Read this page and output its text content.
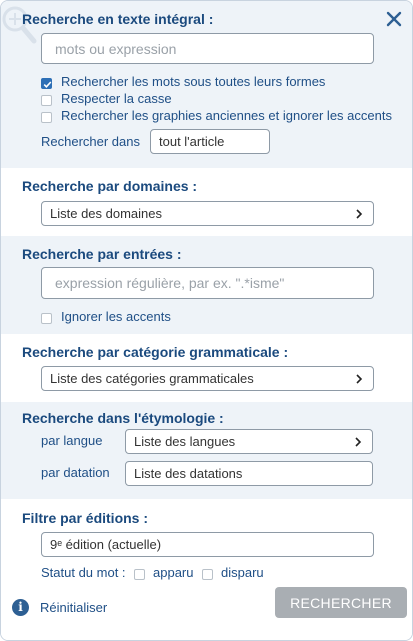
Recherche en texte intégral :
mots ou expression
Rechercher les mots sous toutes leurs formes
Respecter la casse
Rechercher les graphies anciennes et ignorer les accents
Rechercher dans tout l'article
Recherche par domaines :
Liste des domaines
Recherche par entrées :
expression régulière, par ex. ".*isme"
Ignorer les accents
Recherche par catégorie grammaticale :
Liste des catégories grammaticales
Recherche dans l'étymologie :
par langue Liste des langues
par datation Liste des datations
Filtre par éditions :
9ᵉ édition (actuelle)
Statut du mot : apparu disparu
i	Réinitialiser	RECHERCHER
